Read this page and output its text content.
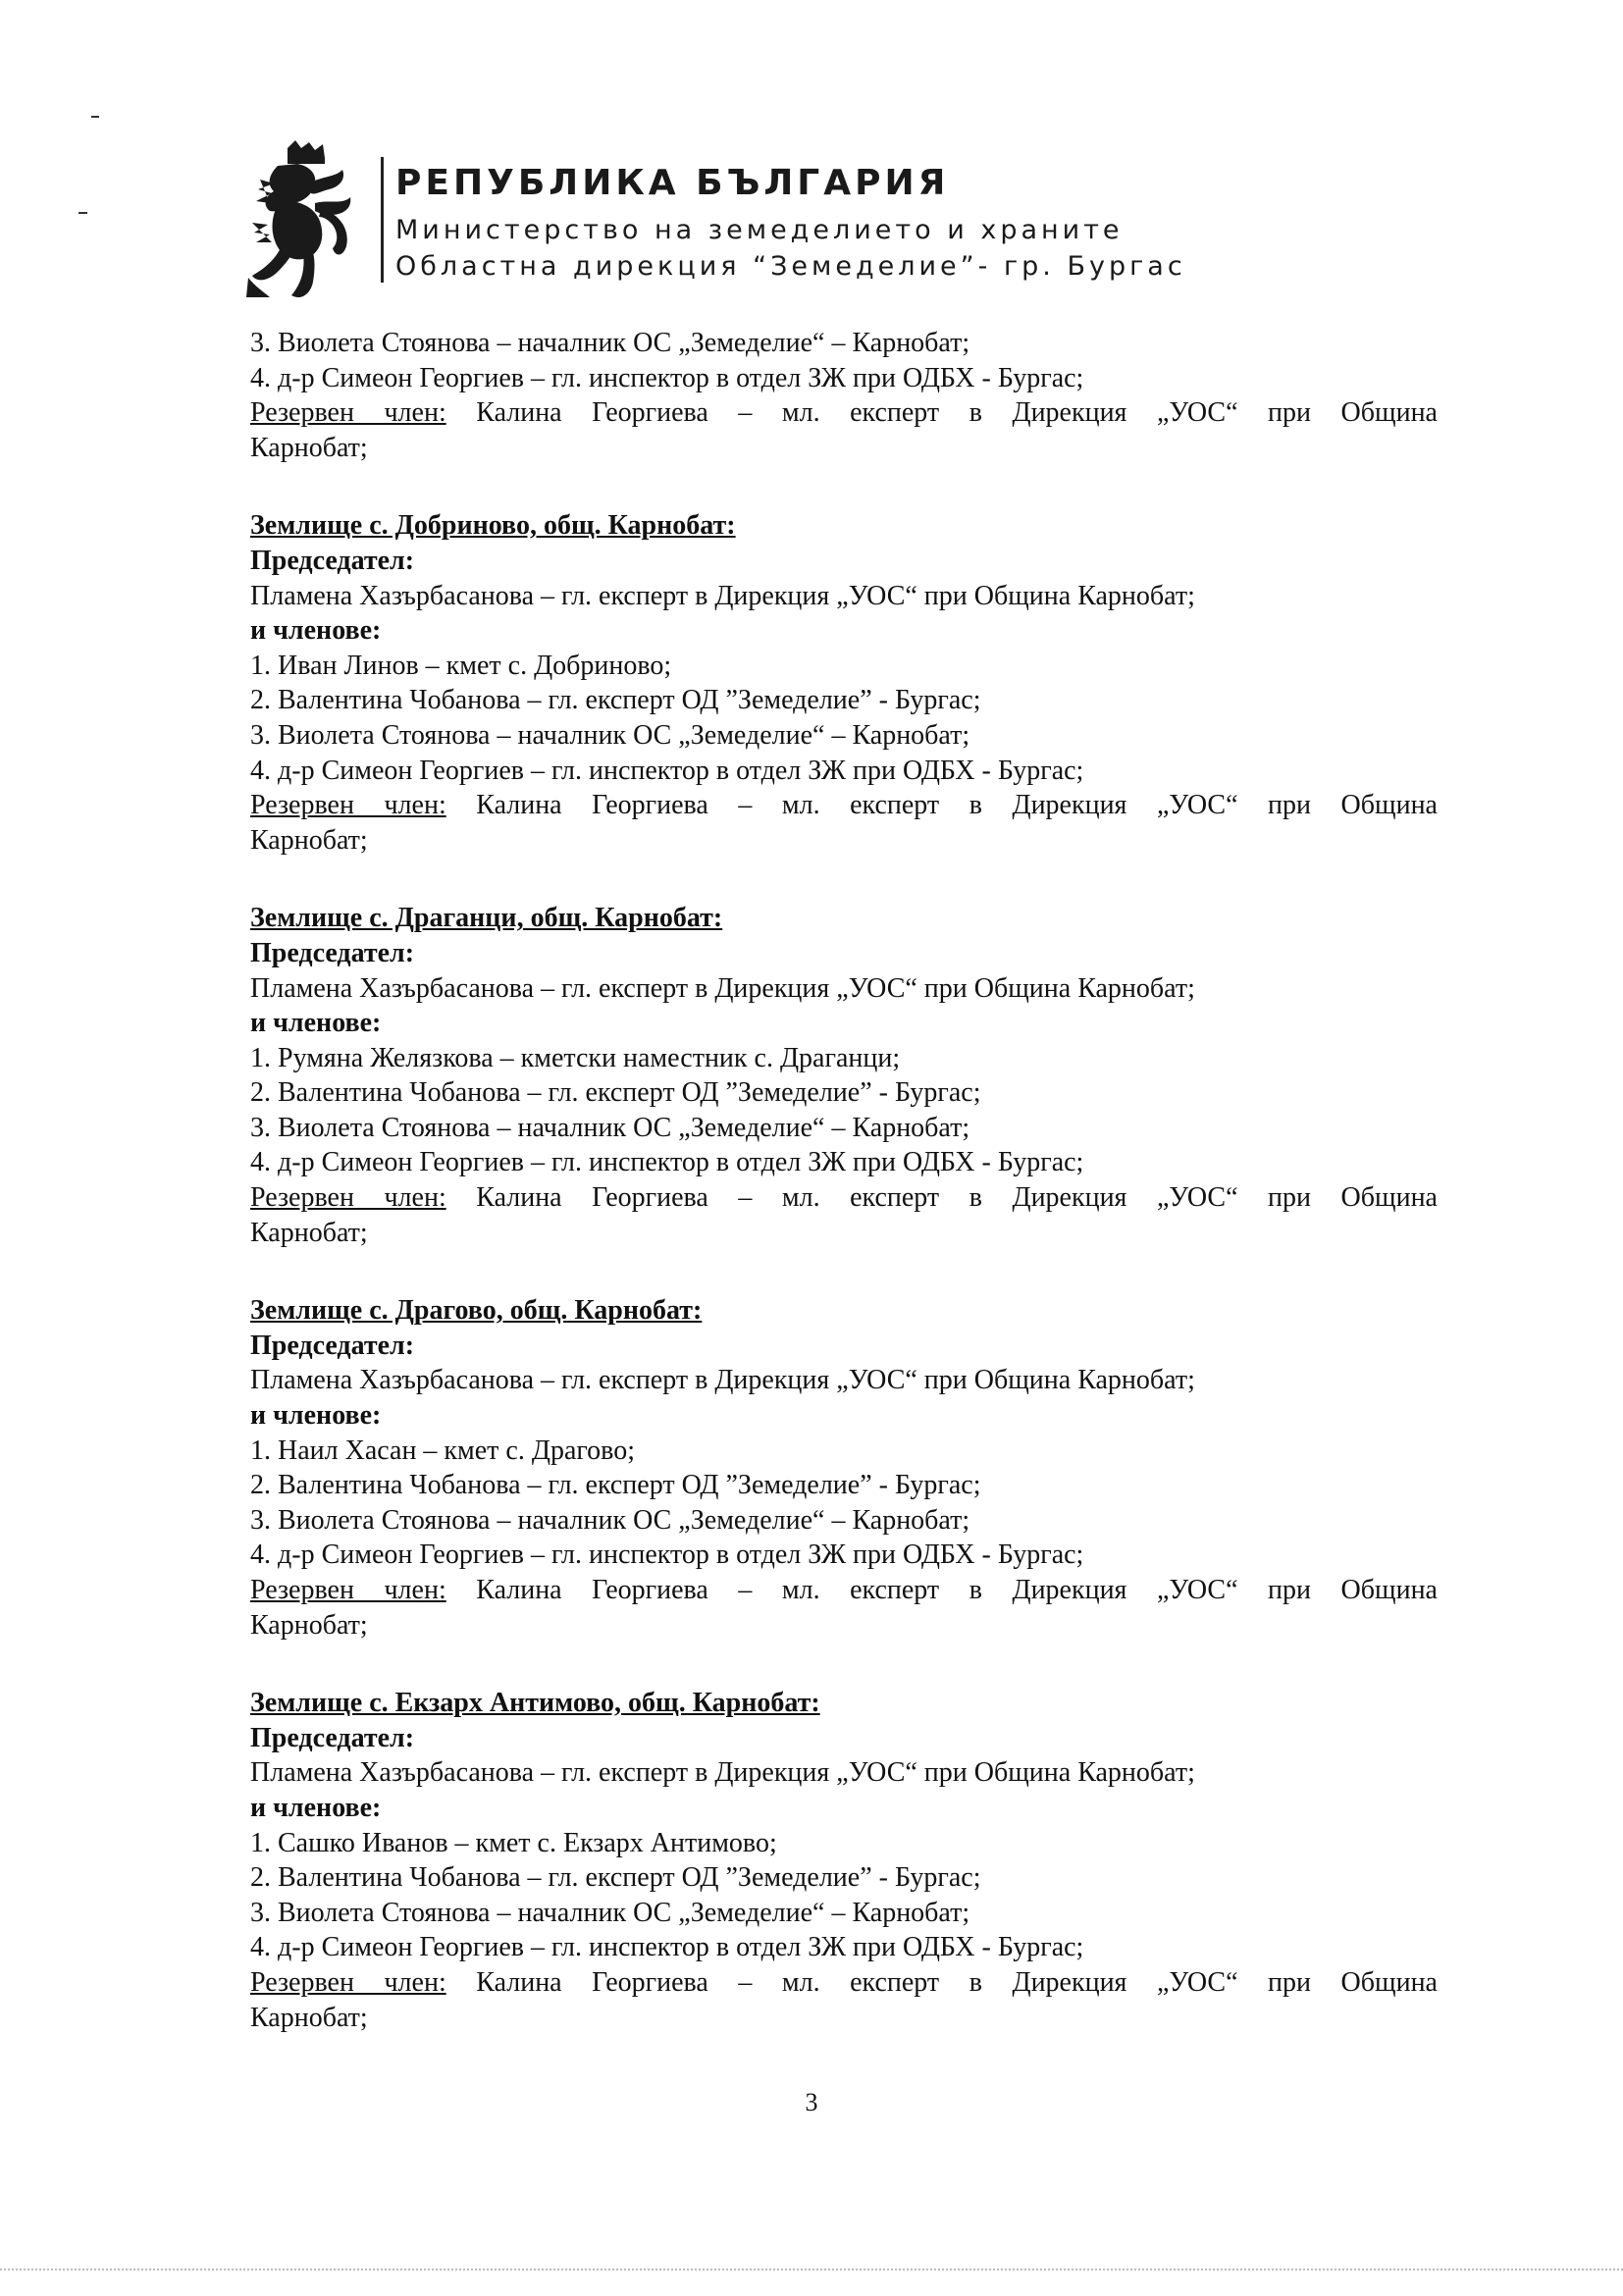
РЕПУБЛИКА БЪЛГАРИЯ

Министерство на земеделието и храните

Областна дирекция “Земеделие”- гр. Бургас

3. Виолета Стоянова – началник ОС „Земеделие“ – Карнобат;

4. д-р Симеон Георгиев – гл. инспектор в отдел ЗЖ при ОДБХ - Бургас;

Резервен член: Калина Георгиева – мл. експерт в Дирекция „УОС“ при Община

Карнобат;

Землище с. Добриново, общ. Карнобат:

Председател:

Пламена Хазърбасанова – гл. експерт в Дирекция „УОС“ при Община Карнобат;

и членове:

1. Иван Линов – кмет с. Добриново;

2. Валентина Чобанова – гл. експерт ОД ”Земеделие” - Бургас;

3. Виолета Стоянова – началник ОС „Земеделие“ – Карнобат;

4. д-р Симеон Георгиев – гл. инспектор в отдел ЗЖ при ОДБХ - Бургас;

Резервен член: Калина Георгиева – мл. експерт в Дирекция „УОС“ при Община

Карнобат;

Землище с. Драганци, общ. Карнобат:

Председател:

Пламена Хазърбасанова – гл. експерт в Дирекция „УОС“ при Община Карнобат;

и членове:

1. Румяна Желязкова – кметски наместник с. Драганци;

2. Валентина Чобанова – гл. експерт ОД ”Земеделие” - Бургас;

3. Виолета Стоянова – началник ОС „Земеделие“ – Карнобат;

4. д-р Симеон Георгиев – гл. инспектор в отдел ЗЖ при ОДБХ - Бургас;

Резервен член: Калина Георгиева – мл. експерт в Дирекция „УОС“ при Община

Карнобат;

Землище с. Драгово, общ. Карнобат:

Председател:

Пламена Хазърбасанова – гл. експерт в Дирекция „УОС“ при Община Карнобат;

и членове:

1. Наил Хасан – кмет с. Драгово;

2. Валентина Чобанова – гл. експерт ОД ”Земеделие” - Бургас;

3. Виолета Стоянова – началник ОС „Земеделие“ – Карнобат;

4. д-р Симеон Георгиев – гл. инспектор в отдел ЗЖ при ОДБХ - Бургас;

Резервен член: Калина Георгиева – мл. експерт в Дирекция „УОС“ при Община

Карнобат;

Землище с. Екзарх Антимово, общ. Карнобат:

Председател:

Пламена Хазърбасанова – гл. експерт в Дирекция „УОС“ при Община Карнобат;

и членове:

1. Сашко Иванов – кмет с. Екзарх Антимово;

2. Валентина Чобанова – гл. експерт ОД ”Земеделие” - Бургас;

3. Виолета Стоянова – началник ОС „Земеделие“ – Карнобат;

4. д-р Симеон Георгиев – гл. инспектор в отдел ЗЖ при ОДБХ - Бургас;

Резервен член: Калина Георгиева – мл. експерт в Дирекция „УОС“ при Община

Карнобат;

3
